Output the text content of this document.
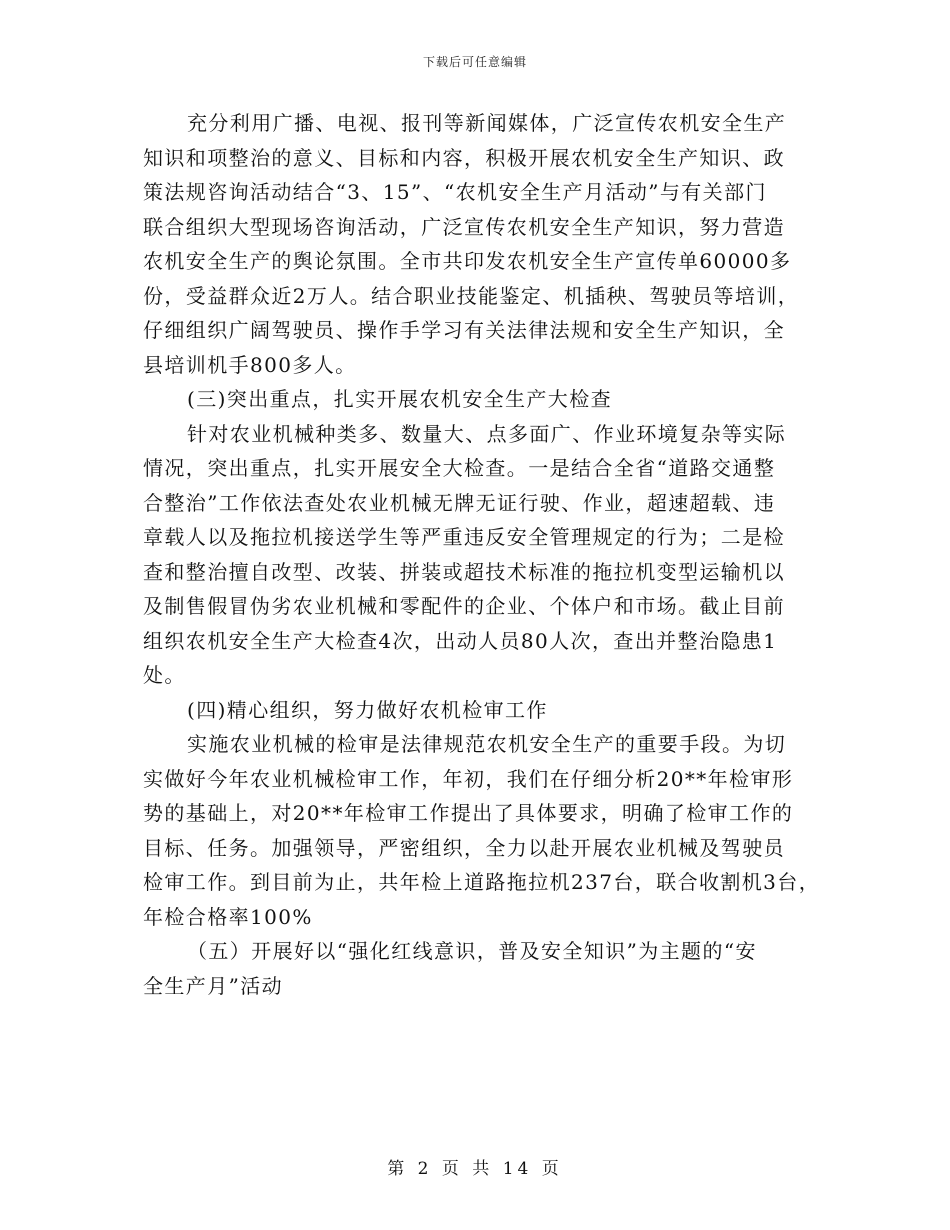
下载后可任意编辑
充分利用广播、电视、报刊等新闻媒体，广泛宣传农机安全生产
知识和项整治的意义、目标和内容，积极开展农机安全生产知识、政
策法规咨询活动结合“3、15”、“农机安全生产月活动”与有关部门
联合组织大型现场咨询活动，广泛宣传农机安全生产知识，努力营造
农机安全生产的舆论氛围。全市共印发农机安全生产宣传单60000多
份，受益群众近2万人。结合职业技能鉴定、机插秧、驾驶员等培训，
仔细组织广阔驾驶员、操作手学习有关法律法规和安全生产知识，全
县培训机手800多人。
(三)突出重点，扎实开展农机安全生产大检查
针对农业机械种类多、数量大、点多面广、作业环境复杂等实际
情况，突出重点，扎实开展安全大检查。一是结合全省“道路交通整
合整治”工作依法查处农业机械无牌无证行驶、作业，超速超载、违
章载人以及拖拉机接送学生等严重违反安全管理规定的行为；二是检
查和整治擅自改型、改装、拼装或超技术标准的拖拉机变型运输机以
及制售假冒伪劣农业机械和零配件的企业、个体户和市场。截止目前
组织农机安全生产大检查4次，出动人员80人次，查出并整治隐患1
处。
(四)精心组织，努力做好农机检审工作
实施农业机械的检审是法律规范农机安全生产的重要手段。为切
实做好今年农业机械检审工作，年初，我们在仔细分析20**年检审形
势的基础上，对20**年检审工作提出了具体要求，明确了检审工作的
目标、任务。加强领导，严密组织，全力以赴开展农业机械及驾驶员
检审工作。到目前为止，共年检上道路拖拉机237台，联合收割机3台，
年检合格率100%
（五）开展好以“强化红线意识，普及安全知识”为主题的“安
全生产月”活动
第 2 页 共 14 页
